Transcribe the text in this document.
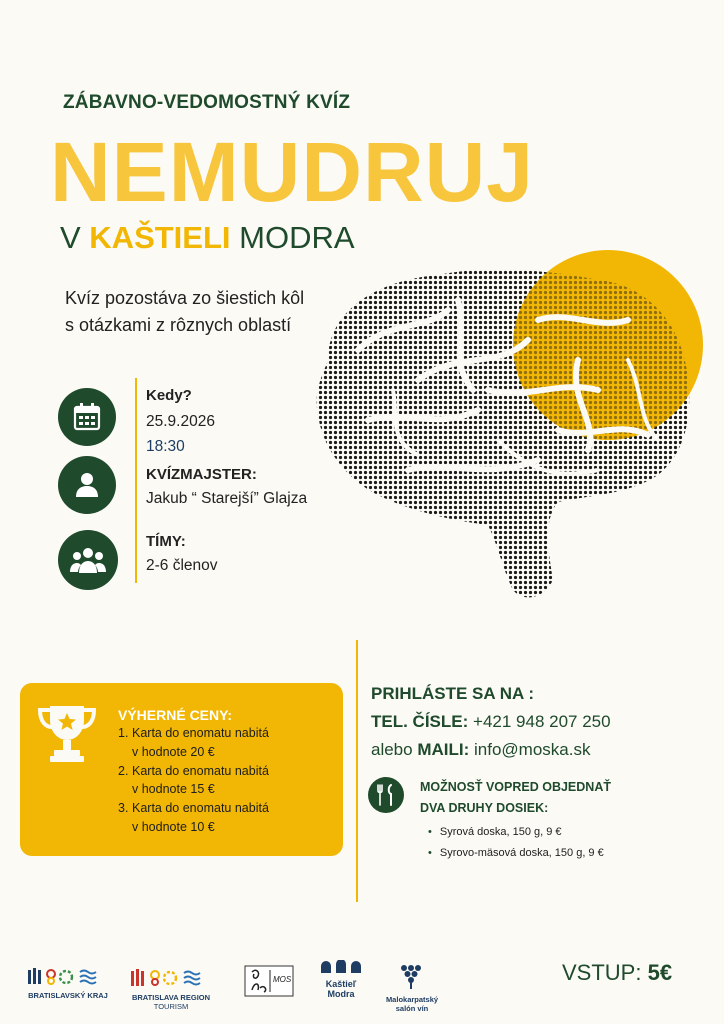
ZÁBAVNO-VEDOMOSTNÝ KVÍZ
NEMUDRUJ
V KAŠTIELI MODRA
Kvíz pozostáva zo šiestich kôl
s otázkami z rôznych oblastí
Kedy?
25.9.2026
18:30
KVÍZMAJSTER:
Jakub “ Starejší” Glajza
TÍMY:
2-6 členov
VÝHERNÉ CENY:
1. Karta do enomatu nabitá
v hodnote 20 €
2. Karta do enomatu nabitá
v hodnote 15 €
3. Karta do enomatu nabitá
v hodnote 10 €
PRIHLÁSTE SA NA :
TEL. ČÍSLE: +421 948 207 250
alebo MAILI: info@moska.sk
MOŽNOSŤ VOPRED OBJEDNAŤ
DVA DRUHY DOSIEK:
• Syrová doska, 150 g, 9 €
• Syrovo-mäsová doska, 150 g, 9 €
BRATISLAVSKÝ KRAJ	BRATISLAVA REGION
TOURISM
MOS	Kaštieľ
Modra
Malokarpatský
salón vín
VSTUP: 5€
